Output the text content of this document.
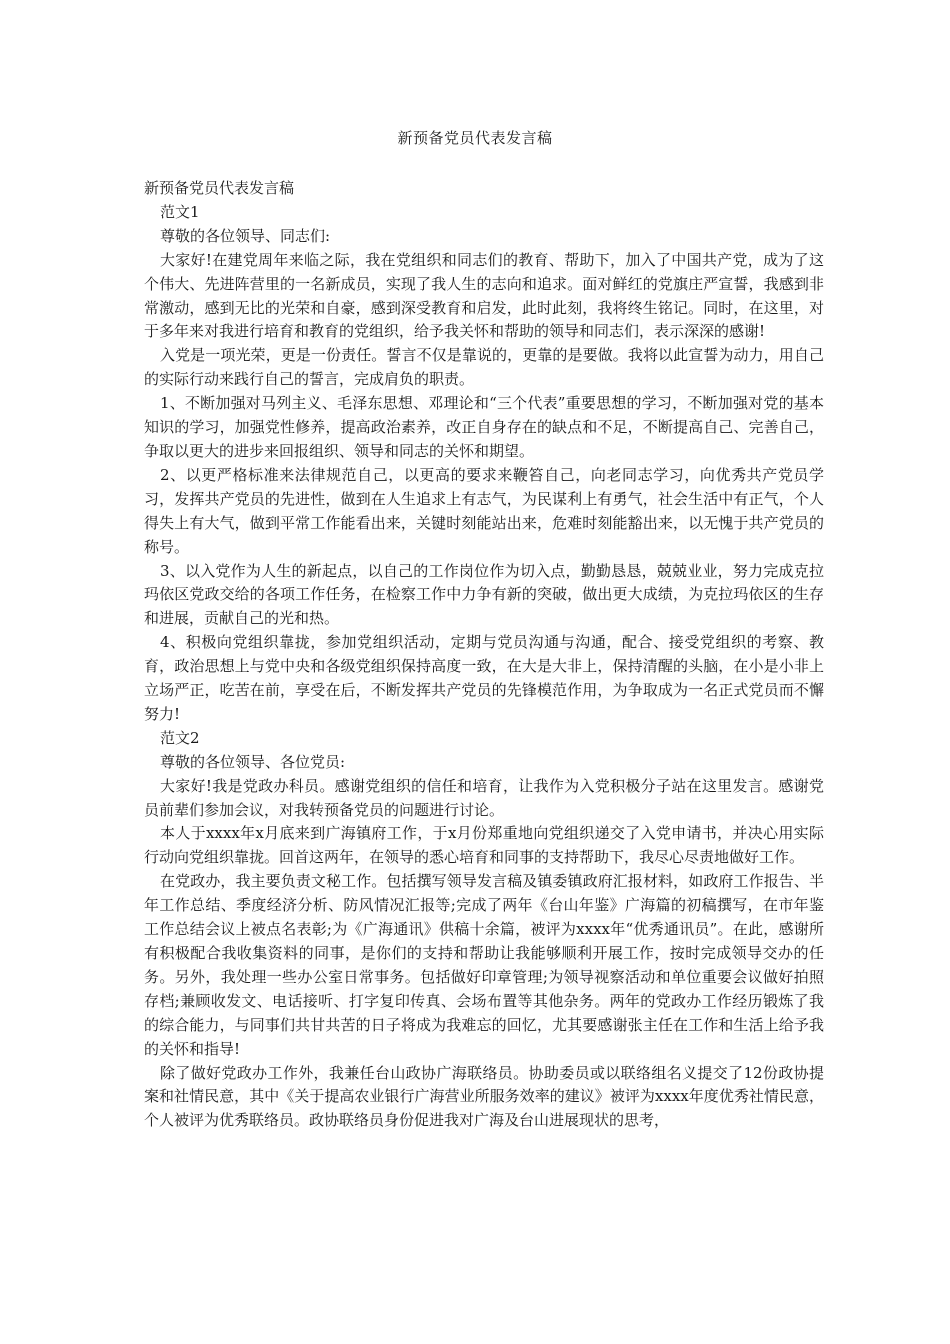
新预备党员代表发言稿

新预备党员代表发言稿

范文1

尊敬的各位领导、同志们:

大家好!在建党周年来临之际，我在党组织和同志们的教育、帮助下，加入了中国共产党，成为了这个伟大、先进阵营里的一名新成员，实现了我人生的志向和追求。面对鲜红的党旗庄严宣誓，我感到非常激动，感到无比的光荣和自豪，感到深受教育和启发，此时此刻，我将终生铭记。同时，在这里，对于多年来对我进行培育和教育的党组织，给予我关怀和帮助的领导和同志们，表示深深的感谢!

入党是一项光荣，更是一份责任。誓言不仅是靠说的，更靠的是要做。我将以此宣誓为动力，用自己的实际行动来践行自己的誓言，完成肩负的职责。

1、不断加强对马列主义、毛泽东思想、邓理论和“三个代表”重要思想的学习，不断加强对党的基本知识的学习，加强党性修养，提高政治素养，改正自身存在的缺点和不足，不断提高自己、完善自己，争取以更大的进步来回报组织、领导和同志的关怀和期望。

2、以更严格标准来法律规范自己，以更高的要求来鞭笞自己，向老同志学习，向优秀共产党员学习，发挥共产党员的先进性，做到在人生追求上有志气，为民谋利上有勇气，社会生活中有正气，个人得失上有大气，做到平常工作能看出来，关键时刻能站出来，危难时刻能豁出来，以无愧于共产党员的称号。

3、以入党作为人生的新起点，以自己的工作岗位作为切入点，勤勤恳恳，兢兢业业，努力完成克拉玛依区党政交给的各项工作任务，在检察工作中力争有新的突破，做出更大成绩，为克拉玛依区的生存和进展，贡献自己的光和热。

4、积极向党组织靠拢，参加党组织活动，定期与党员沟通与沟通，配合、接受党组织的考察、教育，政治思想上与党中央和各级党组织保持高度一致，在大是大非上，保持清醒的头脑，在小是小非上立场严正，吃苦在前，享受在后，不断发挥共产党员的先锋模范作用，为争取成为一名正式党员而不懈努力!

范文2

尊敬的各位领导、各位党员:

大家好!我是党政办科员。感谢党组织的信任和培育，让我作为入党积极分子站在这里发言。感谢党员前辈们参加会议，对我转预备党员的问题进行讨论。

本人于xxxx年x月底来到广海镇府工作，于x月份郑重地向党组织递交了入党申请书，并决心用实际行动向党组织靠拢。回首这两年，在领导的悉心培育和同事的支持帮助下，我尽心尽责地做好工作。

在党政办，我主要负责文秘工作。包括撰写领导发言稿及镇委镇政府汇报材料，如政府工作报告、半年工作总结、季度经济分析、防风情况汇报等;完成了两年《台山年鉴》广海篇的初稿撰写，在市年鉴工作总结会议上被点名表彰;为《广海通讯》供稿十余篇，被评为xxxx年“优秀通讯员”。在此，感谢所有积极配合我收集资料的同事，是你们的支持和帮助让我能够顺利开展工作，按时完成领导交办的任务。另外，我处理一些办公室日常事务。包括做好印章管理;为领导视察活动和单位重要会议做好拍照存档;兼顾收发文、电话接听、打字复印传真、会场布置等其他杂务。两年的党政办工作经历锻炼了我的综合能力，与同事们共甘共苦的日子将成为我难忘的回忆，尤其要感谢张主任在工作和生活上给予我的关怀和指导!

除了做好党政办工作外，我兼任台山政协广海联络员。协助委员或以联络组名义提交了12份政协提案和社情民意，其中《关于提高农业银行广海营业所服务效率的建议》被评为xxxx年度优秀社情民意，个人被评为优秀联络员。政协联络员身份促进我对广海及台山进展现状的思考，
